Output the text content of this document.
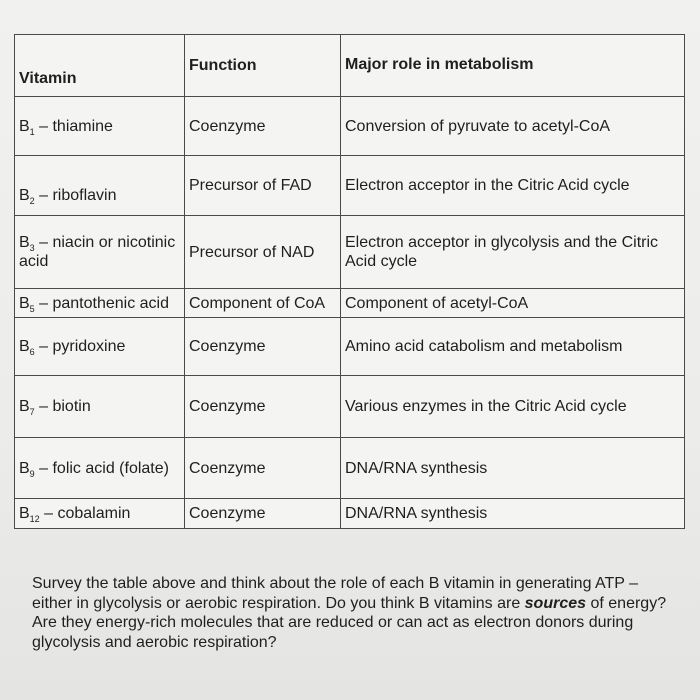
Vitamin	Function	Major role in metabolism
$B_1$ – thiamine	Coenzyme	Conversion of pyruvate to acetyl-CoA
$B_2$ – riboflavin	Precursor of FAD	Electron acceptor in the Citric Acid cycle
$B_3$ – niacin or nicotinic acid	Precursor of NAD	Electron acceptor in glycolysis and the Citric Acid cycle
$B_5$ – pantothenic acid	Component of CoA	Component of acetyl-CoA
$B_6$ – pyridoxine	Coenzyme	Amino acid catabolism and metabolism
$B_7$ – biotin	Coenzyme	Various enzymes in the Citric Acid cycle
$B_9$ – folic acid (folate)	Coenzyme	DNA/RNA synthesis
$B_{12}$ – cobalamin	Coenzyme	DNA/RNA synthesis
Survey the table above and think about the role of each B vitamin in generating ATP – either in glycolysis or aerobic respiration. Do you think B vitamins are sources of energy? Are they energy-rich molecules that are reduced or can act as electron donors during glycolysis and aerobic respiration?
